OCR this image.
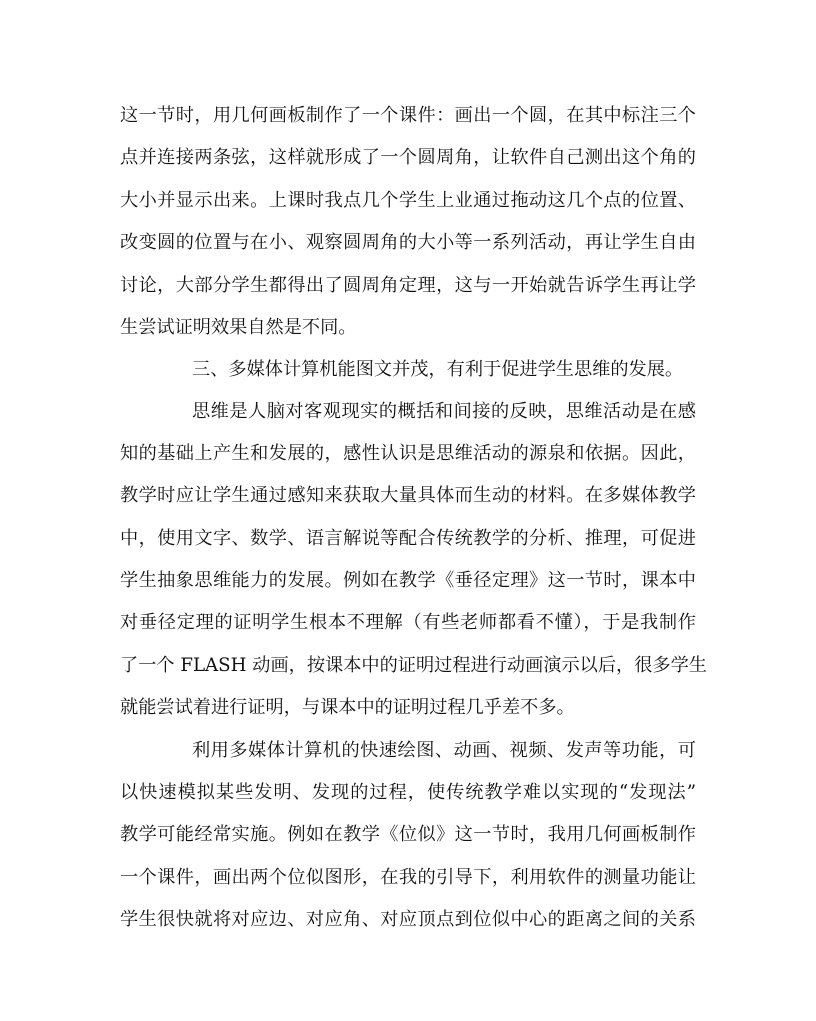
这一节时，用几何画板制作了一个课件：画出一个圆，在其中标注三个
点并连接两条弦，这样就形成了一个圆周角，让软件自己测出这个角的
大小并显示出来。上课时我点几个学生上业通过拖动这几个点的位置、
改变圆的位置与在小、观察圆周角的大小等一系列活动，再让学生自由
讨论，大部分学生都得出了圆周角定理，这与一开始就告诉学生再让学
生尝试证明效果自然是不同。
三、多媒体计算机能图文并茂，有利于促进学生思维的发展。
思维是人脑对客观现实的概括和间接的反映，思维活动是在感
知的基础上产生和发展的，感性认识是思维活动的源泉和依据。因此，
教学时应让学生通过感知来获取大量具体而生动的材料。在多媒体教学
中，使用文字、数学、语言解说等配合传统教学的分析、推理，可促进
学生抽象思维能力的发展。例如在教学《垂径定理》这一节时，课本中
对垂径定理的证明学生根本不理解（有些老师都看不懂），于是我制作
了一个 FLASH 动画，按课本中的证明过程进行动画演示以后，很多学生
就能尝试着进行证明，与课本中的证明过程几乎差不多。
利用多媒体计算机的快速绘图、动画、视频、发声等功能，可
以快速模拟某些发明、发现的过程，使传统教学难以实现的“发现法”
教学可能经常实施。例如在教学《位似》这一节时，我用几何画板制作
一个课件，画出两个位似图形，在我的引导下，利用软件的测量功能让
学生很快就将对应边、对应角、对应顶点到位似中心的距离之间的关系
